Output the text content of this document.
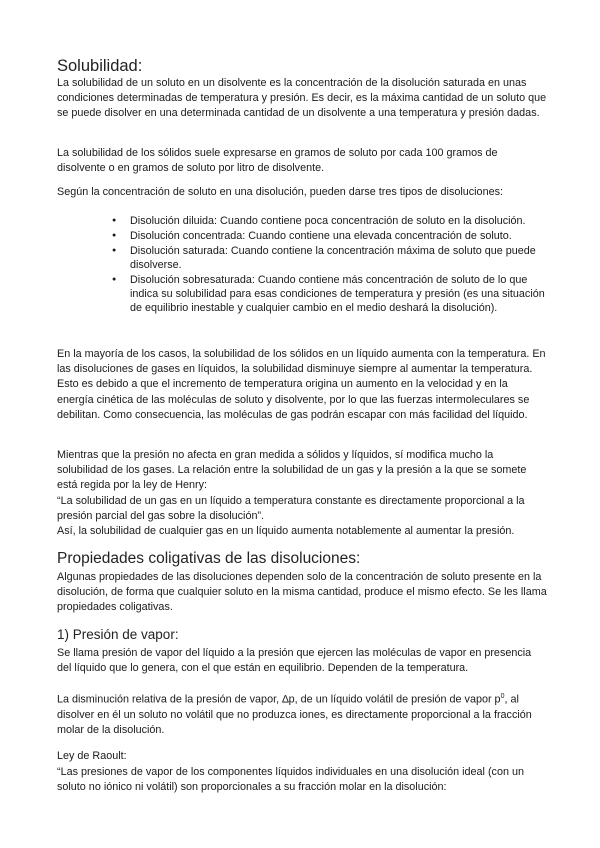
Solubilidad:

La solubilidad de un soluto en un disolvente es la concentración de la disolución saturada en unas condiciones determinadas de temperatura y presión. Es decir, es la máxima cantidad de un soluto que se puede disolver en una determinada cantidad de un disolvente a una temperatura y presión dadas.

La solubilidad de los sólidos suele expresarse en gramos de soluto por cada 100 gramos de disolvente o en gramos de soluto por litro de disolvente.

Según la concentración de soluto en una disolución, pueden darse tres tipos de disoluciones:

● Disolución diluida: Cuando contiene poca concentración de soluto en la disolución.
● Disolución concentrada: Cuando contiene una elevada concentración de soluto.
● Disolución saturada: Cuando contiene la concentración máxima de soluto que puede disolverse.
● Disolución sobresaturada: Cuando contiene más concentración de soluto de lo que indica su solubilidad para esas condiciones de temperatura y presión (es una situación de equilibrio inestable y cualquier cambio en el medio deshará la disolución).

En la mayoría de los casos, la solubilidad de los sólidos en un líquido aumenta con la temperatura. En las disoluciones de gases en líquidos, la solubilidad disminuye siempre al aumentar la temperatura. Esto es debido a que el incremento de temperatura origina un aumento en la velocidad y en la energía cinética de las moléculas de soluto y disolvente, por lo que las fuerzas intermoleculares se debilitan. Como consecuencia, las moléculas de gas podrán escapar con más facilidad del líquido.

Mientras que la presión no afecta en gran medida a sólidos y líquidos, sí modifica mucho la solubilidad de los gases. La relación entre la solubilidad de un gas y la presión a la que se somete está regida por la ley de Henry:

“La solubilidad de un gas en un líquido a temperatura constante es directamente proporcional a la presión parcial del gas sobre la disolución”.

Así, la solubilidad de cualquier gas en un líquido aumenta notablemente al aumentar la presión.

Propiedades coligativas de las disoluciones:

Algunas propiedades de las disoluciones dependen solo de la concentración de soluto presente en la disolución, de forma que cualquier soluto en la misma cantidad, produce el mismo efecto. Se les llama propiedades coligativas.

1) Presión de vapor:

Se llama presión de vapor del líquido a la presión que ejercen las moléculas de vapor en presencia del líquido que lo genera, con el que están en equilibrio. Dependen de la temperatura.

La disminución relativa de la presión de vapor, ∆p, de un líquido volátil de presión de vapor $p^0$, al disolver en él un soluto no volátil que no produzca iones, es directamente proporcional a la fracción molar de la disolución.

Ley de Raoult:

“Las presiones de vapor de los componentes líquidos individuales en una disolución ideal (con un soluto no iónico ni volátil) son proporcionales a su fracción molar en la disolución:
